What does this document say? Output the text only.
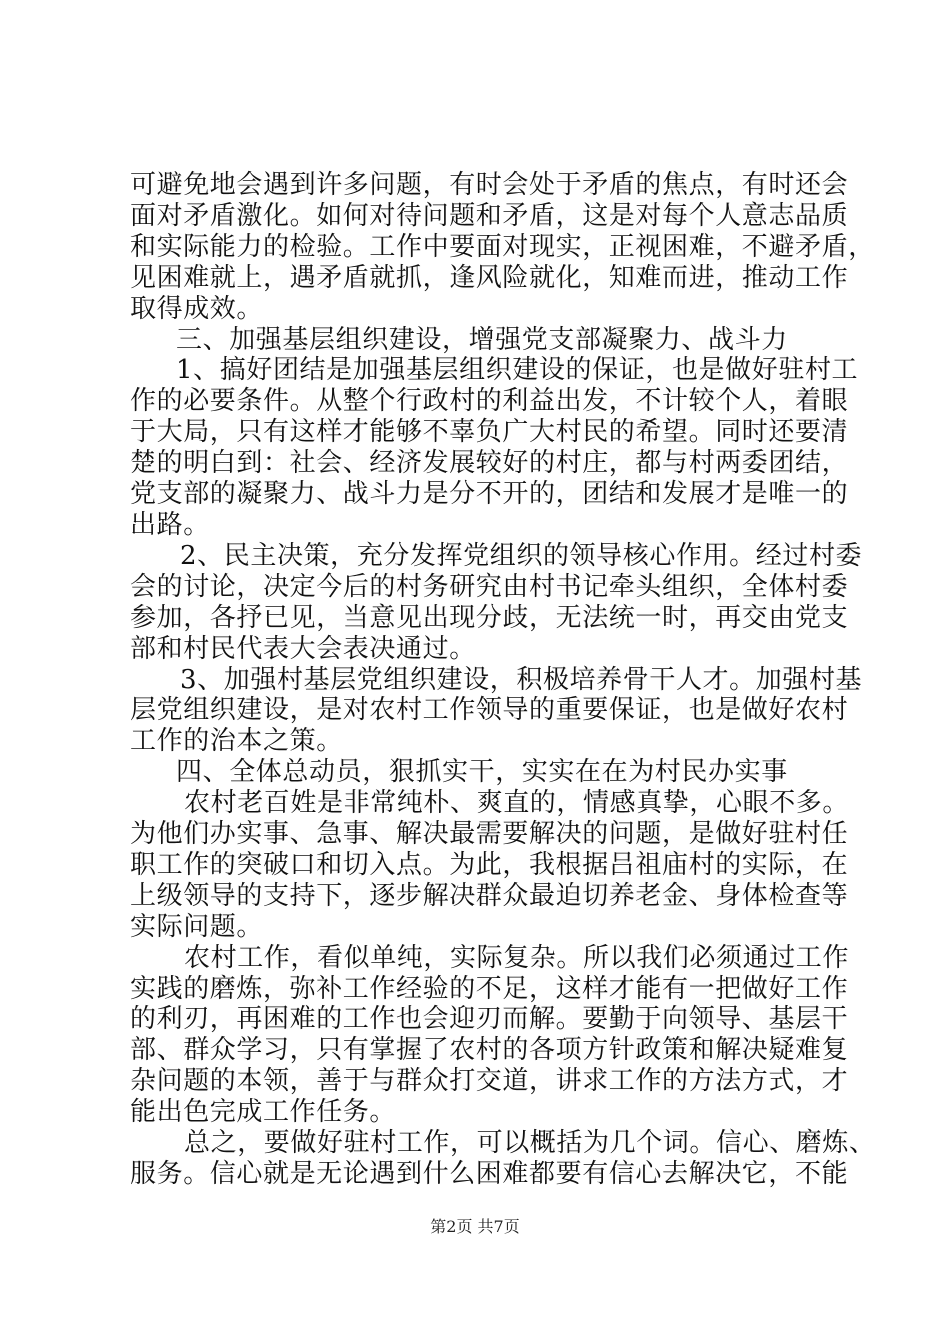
可避免地会遇到许多问题，有时会处于矛盾的焦点，有时还会
面对矛盾激化。如何对待问题和矛盾，这是对每个人意志品质
和实际能力的检验。工作中要面对现实，正视困难，不避矛盾，
见困难就上，遇矛盾就抓，逢风险就化，知难而进，推动工作
取得成效。
三、加强基层组织建设，增强党支部凝聚力、战斗力
1、搞好团结是加强基层组织建设的保证，也是做好驻村工
作的必要条件。从整个行政村的利益出发，不计较个人，着眼
于大局，只有这样才能够不辜负广大村民的希望。同时还要清
楚的明白到：社会、经济发展较好的村庄，都与村两委团结，
党支部的凝聚力、战斗力是分不开的，团结和发展才是唯一的
出路。
2、民主决策，充分发挥党组织的领导核心作用。经过村委
会的讨论，决定今后的村务研究由村书记牵头组织，全体村委
参加，各抒已见，当意见出现分歧，无法统一时，再交由党支
部和村民代表大会表决通过。
3、加强村基层党组织建设，积极培养骨干人才。加强村基
层党组织建设，是对农村工作领导的重要保证，也是做好农村
工作的治本之策。
四、全体总动员，狠抓实干，实实在在为村民办实事
农村老百姓是非常纯朴、爽直的，情感真挚，心眼不多。
为他们办实事、急事、解决最需要解决的问题，是做好驻村任
职工作的突破口和切入点。为此，我根据吕祖庙村的实际，在
上级领导的支持下，逐步解决群众最迫切养老金、身体检查等
实际问题。
农村工作，看似单纯，实际复杂。所以我们必须通过工作
实践的磨炼，弥补工作经验的不足，这样才能有一把做好工作
的利刃，再困难的工作也会迎刃而解。要勤于向领导、基层干
部、群众学习，只有掌握了农村的各项方针政策和解决疑难复
杂问题的本领，善于与群众打交道，讲求工作的方法方式，才
能出色完成工作任务。
总之，要做好驻村工作，可以概括为几个词。信心、磨炼、
服务。信心就是无论遇到什么困难都要有信心去解决它，不能
第2页 共7页
